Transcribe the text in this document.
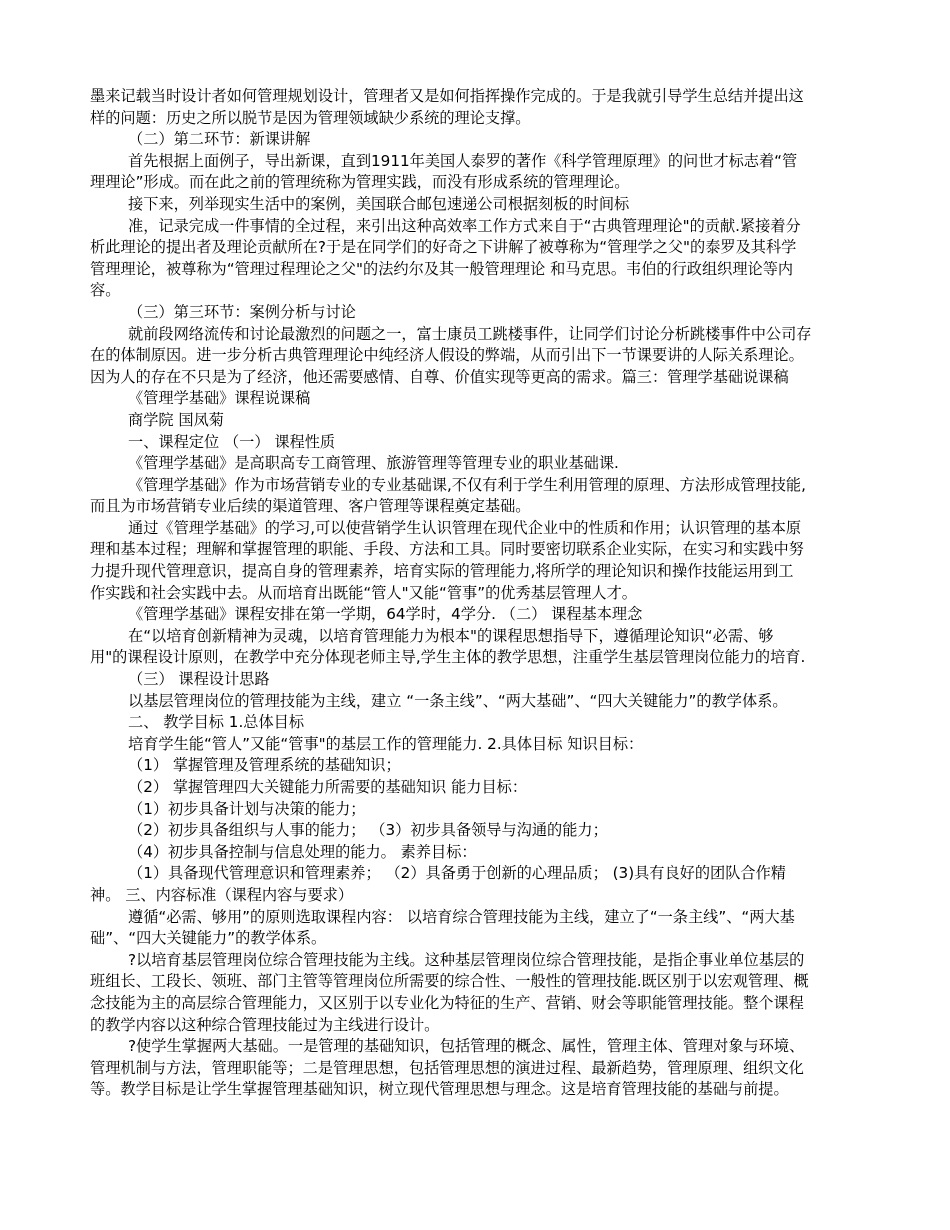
墨来记载当时设计者如何管理规划设计，管理者又是如何指挥操作完成的。于是我就引导学生总结并提出这
样的问题：历史之所以脱节是因为管理领域缺少系统的理论支撑。
（二）第二环节：新课讲解
首先根据上面例子，导出新课，直到1911年美国人泰罗的著作《科学管理原理》的问世才标志着“管
理理论”形成。而在此之前的管理统称为管理实践，而没有形成系统的管理理论。
接下来，列举现实生活中的案例，美国联合邮包速递公司根据刻板的时间标
准，记录完成一件事情的全过程，来引出这种高效率工作方式来自于“古典管理理论"的贡献.紧接着分
析此理论的提出者及理论贡献所在?于是在同学们的好奇之下讲解了被尊称为“管理学之父"的泰罗及其科学
管理理论，被尊称为“管理过程理论之父"的法约尔及其一般管理理论 和马克思。韦伯的行政组织理论等内
容。
（三）第三环节：案例分析与讨论
就前段网络流传和讨论最激烈的问题之一，富士康员工跳楼事件，让同学们讨论分析跳楼事件中公司存
在的体制原因。进一步分析古典管理理论中纯经济人假设的弊端，从而引出下一节课要讲的人际关系理论。
因为人的存在不只是为了经济，他还需要感情、自尊、价值实现等更高的需求。篇三：管理学基础说课稿
《管理学基础》课程说课稿
商学院 国凤菊
一、课程定位 （一） 课程性质
《管理学基础》是高职高专工商管理、旅游管理等管理专业的职业基础课.
《管理学基础》作为市场营销专业的专业基础课,不仅有利于学生利用管理的原理、方法形成管理技能,
而且为市场营销专业后续的渠道管理、客户管理等课程奠定基础。
通过《管理学基础》的学习,可以使营销学生认识管理在现代企业中的性质和作用；认识管理的基本原
理和基本过程；理解和掌握管理的职能、手段、方法和工具。同时要密切联系企业实际，在实习和实践中努
力提升现代管理意识，提高自身的管理素养，培育实际的管理能力,将所学的理论知识和操作技能运用到工
作实践和社会实践中去。从而培育出既能“管人"又能“管事”的优秀基层管理人才。
《管理学基础》课程安排在第一学期，64学时，4学分. （二） 课程基本理念
在“以培育创新精神为灵魂，以培育管理能力为根本"的课程思想指导下，遵循理论知识“必需、够
用"的课程设计原则，在教学中充分体现老师主导,学生主体的教学思想，注重学生基层管理岗位能力的培育.
（三） 课程设计思路
以基层管理岗位的管理技能为主线，建立 “一条主线”、“两大基础”、“四大关键能力”的教学体系。
二、 教学目标 1.总体目标
培育学生能“管人”又能“管事"的基层工作的管理能力. 2.具体目标 知识目标：
（1） 掌握管理及管理系统的基础知识；
（2） 掌握管理四大关键能力所需要的基础知识 能力目标：
（1）初步具备计划与决策的能力；
（2）初步具备组织与人事的能力； （3）初步具备领导与沟通的能力；
（4）初步具备控制与信息处理的能力。 素养目标：
（1）具备现代管理意识和管理素养； （2）具备勇于创新的心理品质； (3)具有良好的团队合作精
神。 三、内容标准（课程内容与要求）
遵循“必需、够用”的原则选取课程内容： 以培育综合管理技能为主线，建立了“一条主线”、“两大基
础”、“四大关键能力”的教学体系。
?以培育基层管理岗位综合管理技能为主线。这种基层管理岗位综合管理技能，是指企事业单位基层的
班组长、工段长、领班、部门主管等管理岗位所需要的综合性、一般性的管理技能.既区别于以宏观管理、概
念技能为主的高层综合管理能力，又区别于以专业化为特征的生产、营销、财会等职能管理技能。整个课程
的教学内容以这种综合管理技能过为主线进行设计。
?使学生掌握两大基础。一是管理的基础知识，包括管理的概念、属性，管理主体、管理对象与环境、
管理机制与方法，管理职能等；二是管理思想，包括管理思想的演进过程、最新趋势，管理原理、组织文化
等。教学目标是让学生掌握管理基础知识，树立现代管理思想与理念。这是培育管理技能的基础与前提。
